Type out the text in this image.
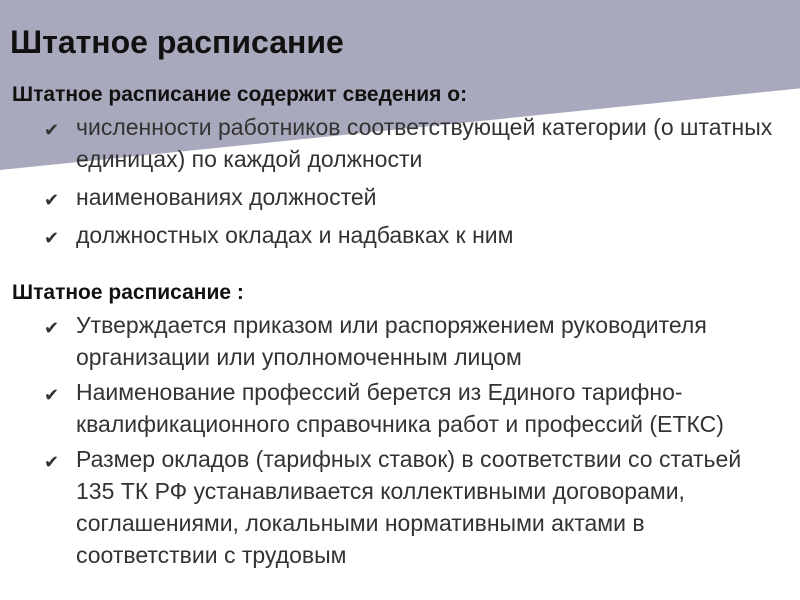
Штатное расписание

Штатное расписание содержит сведения о:

✔ численности работников соответствующей категории (о штатных единицах) по каждой должности
✔ наименованиях должностей
✔ должностных окладах и надбавках к ним

Штатное расписание :

✔ Утверждается приказом или распоряжением руководителя организации или уполномоченным лицом
✔ Наименование профессий берется из Единого тарифно-квалификационного справочника работ и профессий (ЕТКС)
✔ Размер окладов (тарифных ставок) в соответствии со статьей 135 ТК РФ устанавливается коллективными договорами, соглашениями, локальными нормативными актами в соответствии с трудовым
